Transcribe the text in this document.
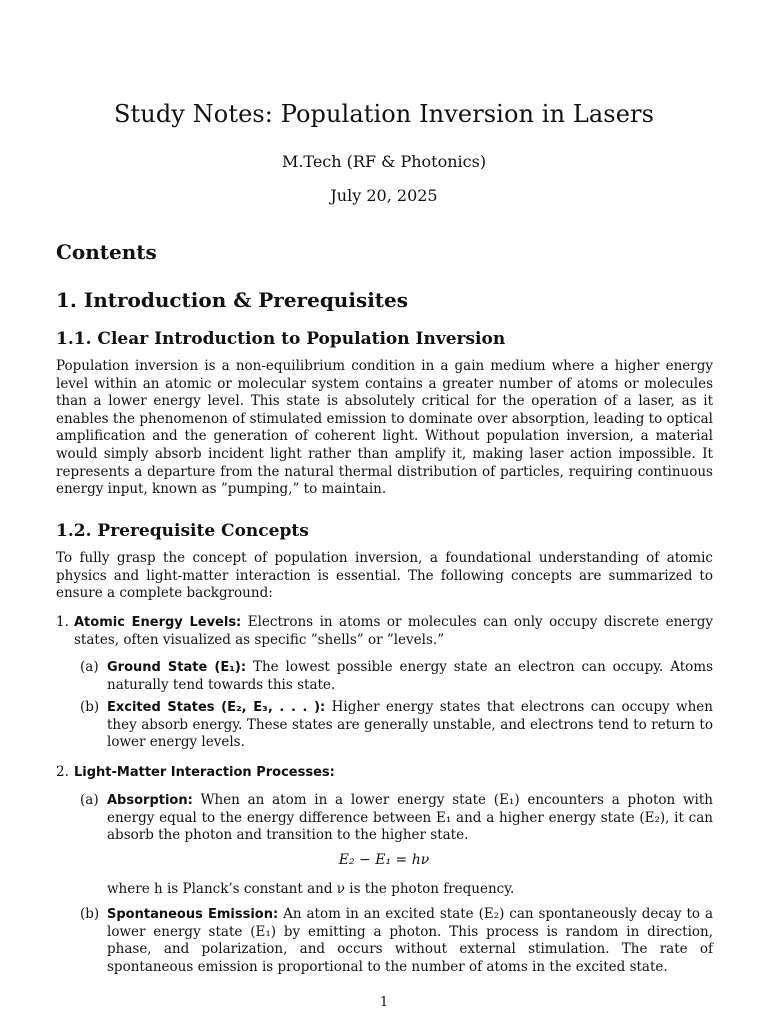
Study Notes: Population Inversion in Lasers
M.Tech (RF & Photonics)
July 20, 2025
Contents
1. Introduction & Prerequisites
1.1. Clear Introduction to Population Inversion

Population inversion is a non-equilibrium condition in a gain medium where a higher energy level within an atomic or molecular system contains a greater number of atoms or molecules than a lower energy level. This state is absolutely critical for the operation of a laser, as it enables the phenomenon of stimulated emission to dominate over absorption, leading to optical amplification and the generation of coherent light. Without population inversion, a material would simply absorb incident light rather than amplify it, making laser action impossible. It represents a departure from the natural thermal distribution of particles, requiring continuous energy input, known as ”pumping,” to maintain.

1.2. Prerequisite Concepts

To fully grasp the concept of population inversion, a foundational understanding of atomic physics and light-matter interaction is essential. The following concepts are summarized to ensure a complete background:

1. Atomic Energy Levels: Electrons in atoms or molecules can only occupy discrete energy states, often visualized as specific ”shells” or ”levels.”
(a) Ground State (E₁): The lowest possible energy state an electron can occupy. Atoms naturally tend towards this state.
(b) Excited States (E₂, E₃, . . . ): Higher energy states that electrons can occupy when they absorb energy. These states are generally unstable, and electrons tend to return to lower energy levels.
2. Light-Matter Interaction Processes:
(a) Absorption: When an atom in a lower energy state (E₁) encounters a photon with energy equal to the energy difference between E₁ and a higher energy state (E₂), it can absorb the photon and transition to the higher state.
E₂ − E₁ = hν
where h is Planck’s constant and ν is the photon frequency.
(b) Spontaneous Emission: An atom in an excited state (E₂) can spontaneously decay to a lower energy state (E₁) by emitting a photon. This process is random in direction, phase, and polarization, and occurs without external stimulation. The rate of spontaneous emission is proportional to the number of atoms in the excited state.
1
